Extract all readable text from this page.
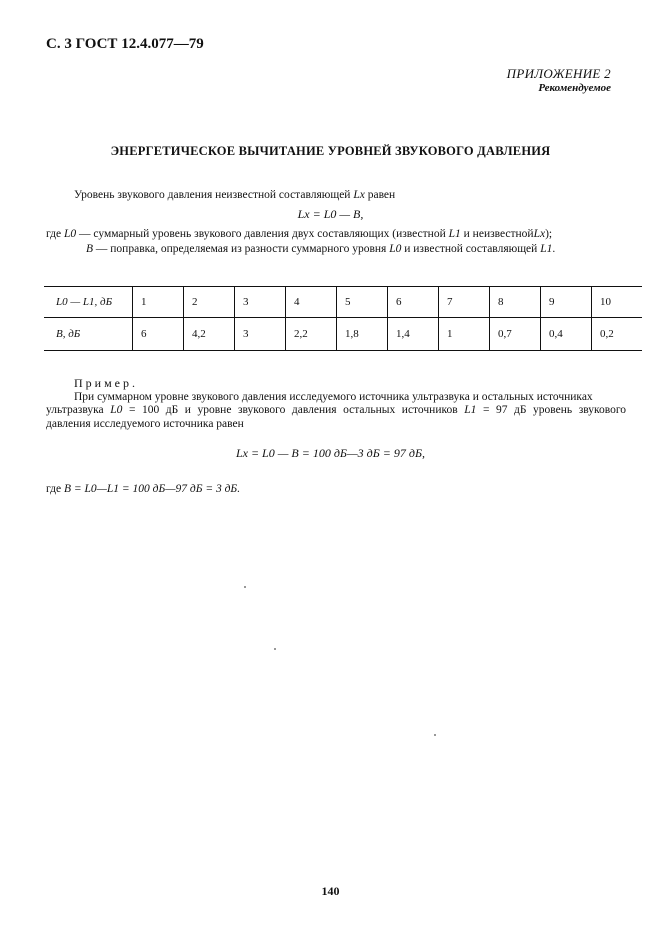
С. 3 ГОСТ 12.4.077—79
ПРИЛОЖЕНИЕ 2
Рекомендуемое
ЭНЕРГЕТИЧЕСКОЕ ВЫЧИТАНИЕ УРОВНЕЙ ЗВУКОВОГО ДАВЛЕНИЯ
Уровень звукового давления неизвестной составляющей Lx равен
Lx = L0 — B,
где L0 — суммарный уровень звукового давления двух составляющих (известной L1 и неизвестнойLx);
B — поправка, определяемая из разности суммарного уровня L0 и известной составляющей L1.
L0 — L1, дБ	1	2	3	4	5	6	7	8	9	10
B, дБ	6	4,2	3	2,2	1,8	1,4	1	0,7	0,4	0,2
Пример.
При суммарном уровне звукового давления исследуемого источника ультразвука и остальных источниках
ультразвука L0 = 100 дБ и уровне звукового давления остальных источников L1 = 97 дБ уровень звукового
давления исследуемого источника равен
Lx = L0 — B = 100 дБ—3 дБ = 97 дБ,
где B = L0—L1 = 100 дБ—97 дБ = 3 дБ.
140
